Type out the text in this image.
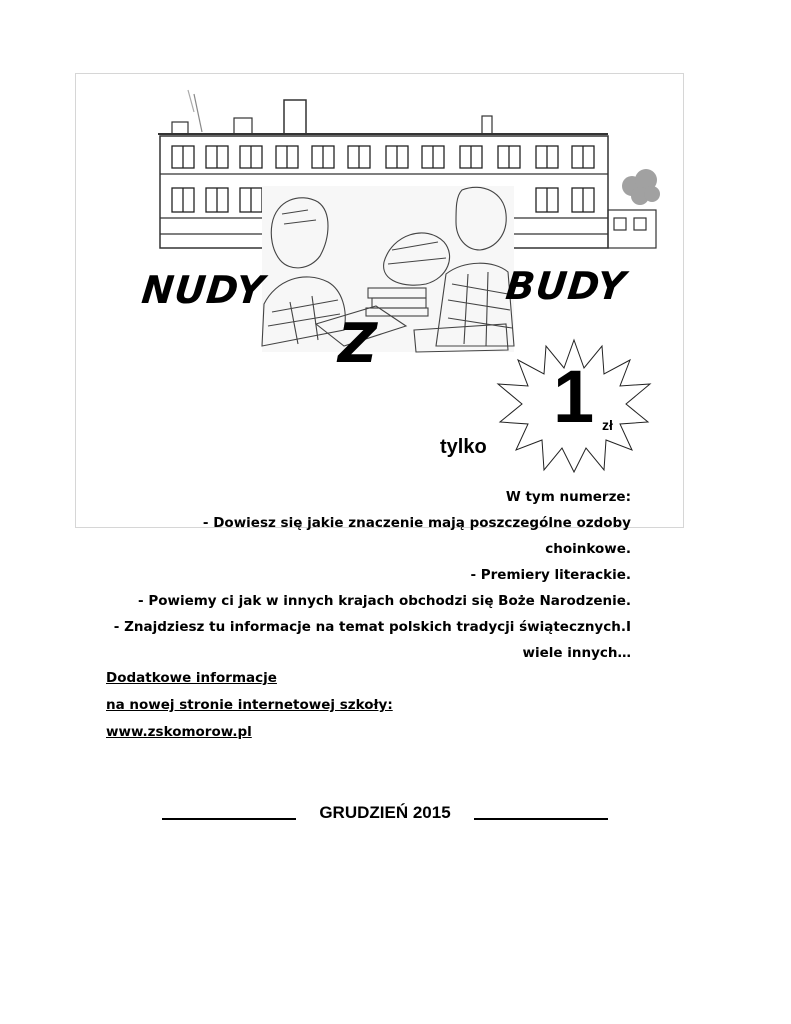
NUDY	BUDY
Z
1 zł
tylko
W tym numerze:
- Dowiesz się jakie znaczenie mają poszczególne ozdoby
choinkowe.
- Premiery literackie.
- Powiemy ci jak w innych krajach obchodzi się Boże Narodzenie.
- Znajdziesz tu informacje na temat polskich tradycji świątecznych.I
wiele innych…
Dodatkowe informacje
na nowej stronie internetowej szkoły:
www.zskomorow.pl
GRUDZIEŃ 2015
